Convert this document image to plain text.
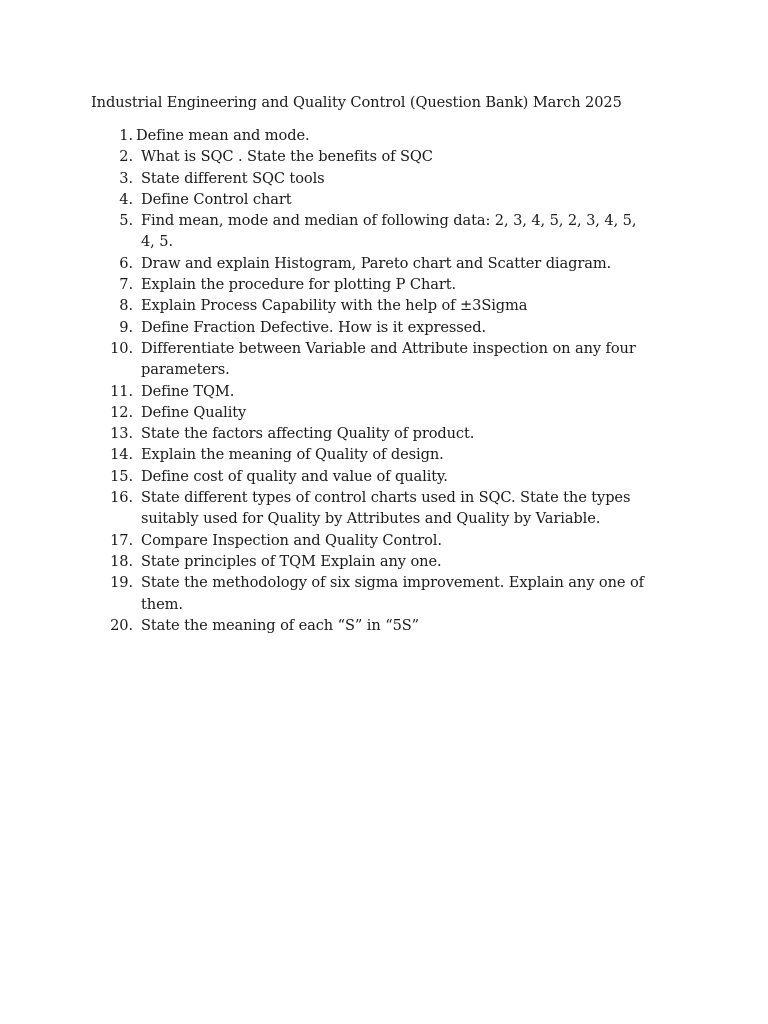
Industrial Engineering and Quality Control (Question Bank) March 2025
1. Define mean and mode.
2. What is SQC . State the benefits of SQC
3. State different SQC tools
4. Define Control chart
5. Find mean, mode and median of following data: 2, 3, 4, 5, 2, 3, 4, 5, 4, 5.
6. Draw and explain Histogram, Pareto chart and Scatter diagram.
7. Explain the procedure for plotting P Chart.
8. Explain Process Capability with the help of ±3Sigma
9. Define Fraction Defective. How is it expressed.
10. Differentiate between Variable and Attribute inspection on any four parameters.
11. Define TQM.
12. Define Quality
13. State the factors affecting Quality of product.
14. Explain the meaning of Quality of design.
15. Define cost of quality and value of quality.
16. State different types of control charts used in SQC. State the types suitably used for Quality by Attributes and Quality by Variable.
17. Compare Inspection and Quality Control.
18. State principles of TQM Explain any one.
19. State the methodology of six sigma improvement. Explain any one of them.
20. State the meaning of each “S” in “5S”
